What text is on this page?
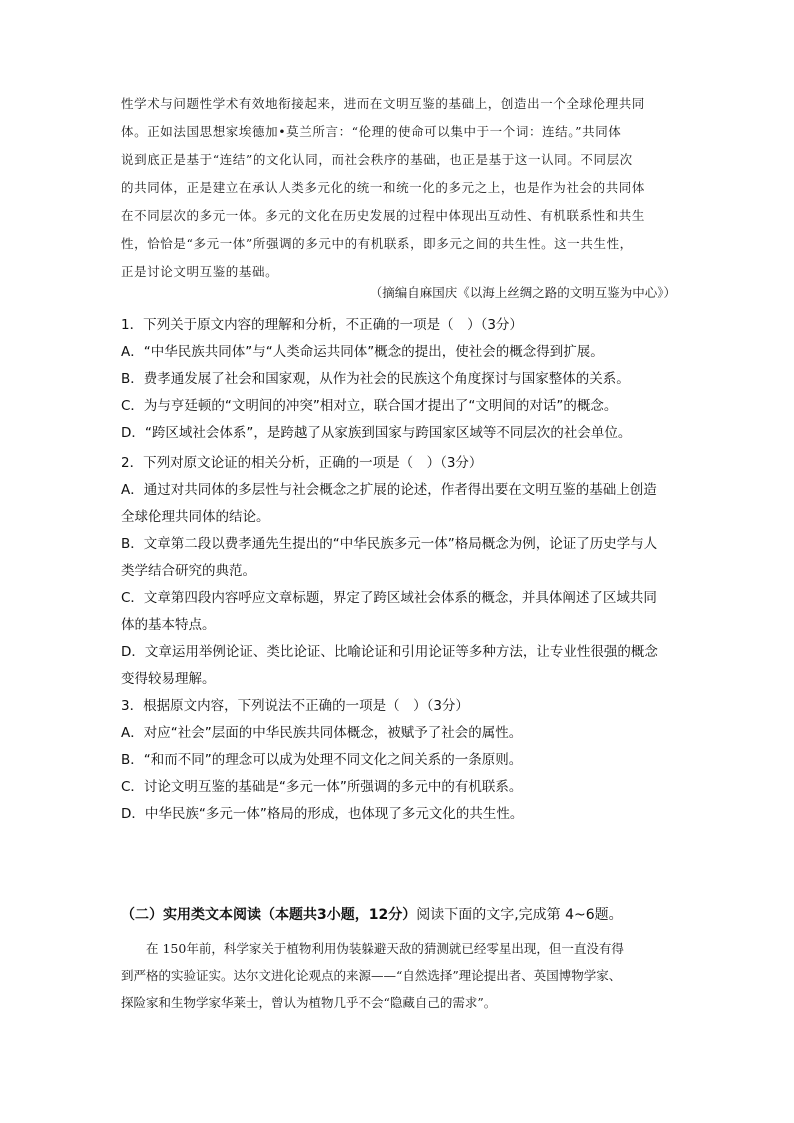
性学术与问题性学术有效地衔接起来，进而在文明互鉴的基础上，创造出一个全球伦理共同
体。正如法国思想家埃德加•莫兰所言：“伦理的使命可以集中于一个词：连结。”共同体
说到底正是基于“连结”的文化认同，而社会秩序的基础，也正是基于这一认同。不同层次
的共同体，正是建立在承认人类多元化的统一和统一化的多元之上，也是作为社会的共同体
在不同层次的多元一体。多元的文化在历史发展的过程中体现出互动性、有机联系性和共生
性，恰恰是“多元一体”所强调的多元中的有机联系，即多元之间的共生性。这一共生性，
正是讨论文明互鉴的基础。
（摘编自麻国庆《以海上丝绸之路的文明互鉴为中心》）
1．下列关于原文内容的理解和分析，不正确的一项是（　）（3分）
A．“中华民族共同体”与“人类命运共同体”概念的提出，使社会的概念得到扩展。
B．费孝通发展了社会和国家观，从作为社会的民族这个角度探讨与国家整体的关系。
C．为与亨廷顿的“文明间的冲突”相对立，联合国才提出了“文明间的对话”的概念。
D．“跨区域社会体系”，是跨越了从家族到国家与跨国家区域等不同层次的社会单位。
2．下列对原文论证的相关分析，正确的一项是（　）（3分）
A．通过对共同体的多层性与社会概念之扩展的论述，作者得出要在文明互鉴的基础上创造
全球伦理共同体的结论。
B．文章第二段以费孝通先生提出的“中华民族多元一体”格局概念为例，论证了历史学与人
类学结合研究的典范。
C．文章第四段内容呼应文章标题，界定了跨区域社会体系的概念，并具体阐述了区域共同
体的基本特点。
D．文章运用举例论证、类比论证、比喻论证和引用论证等多种方法，让专业性很强的概念
变得较易理解。
3．根据原文内容，下列说法不正确的一项是（　）（3分）
A．对应“社会”层面的中华民族共同体概念，被赋予了社会的属性。
B．“和而不同”的理念可以成为处理不同文化之间关系的一条原则。
C．讨论文明互鉴的基础是“多元一体”所强调的多元中的有机联系。
D．中华民族“多元一体”格局的形成，也体现了多元文化的共生性。
（二）实用类文本阅读（本题共3小题，12分）阅读下面的文字,完成第 4~6题。
　　在 150年前，科学家关于植物利用伪装躲避天敌的猜测就已经零星出现，但一直没有得
到严格的实验证实。达尔文进化论观点的来源——“自然选择”理论提出者、英国博物学家、
探险家和生物学家华莱士，曾认为植物几乎不会“隐藏自己的需求”。
